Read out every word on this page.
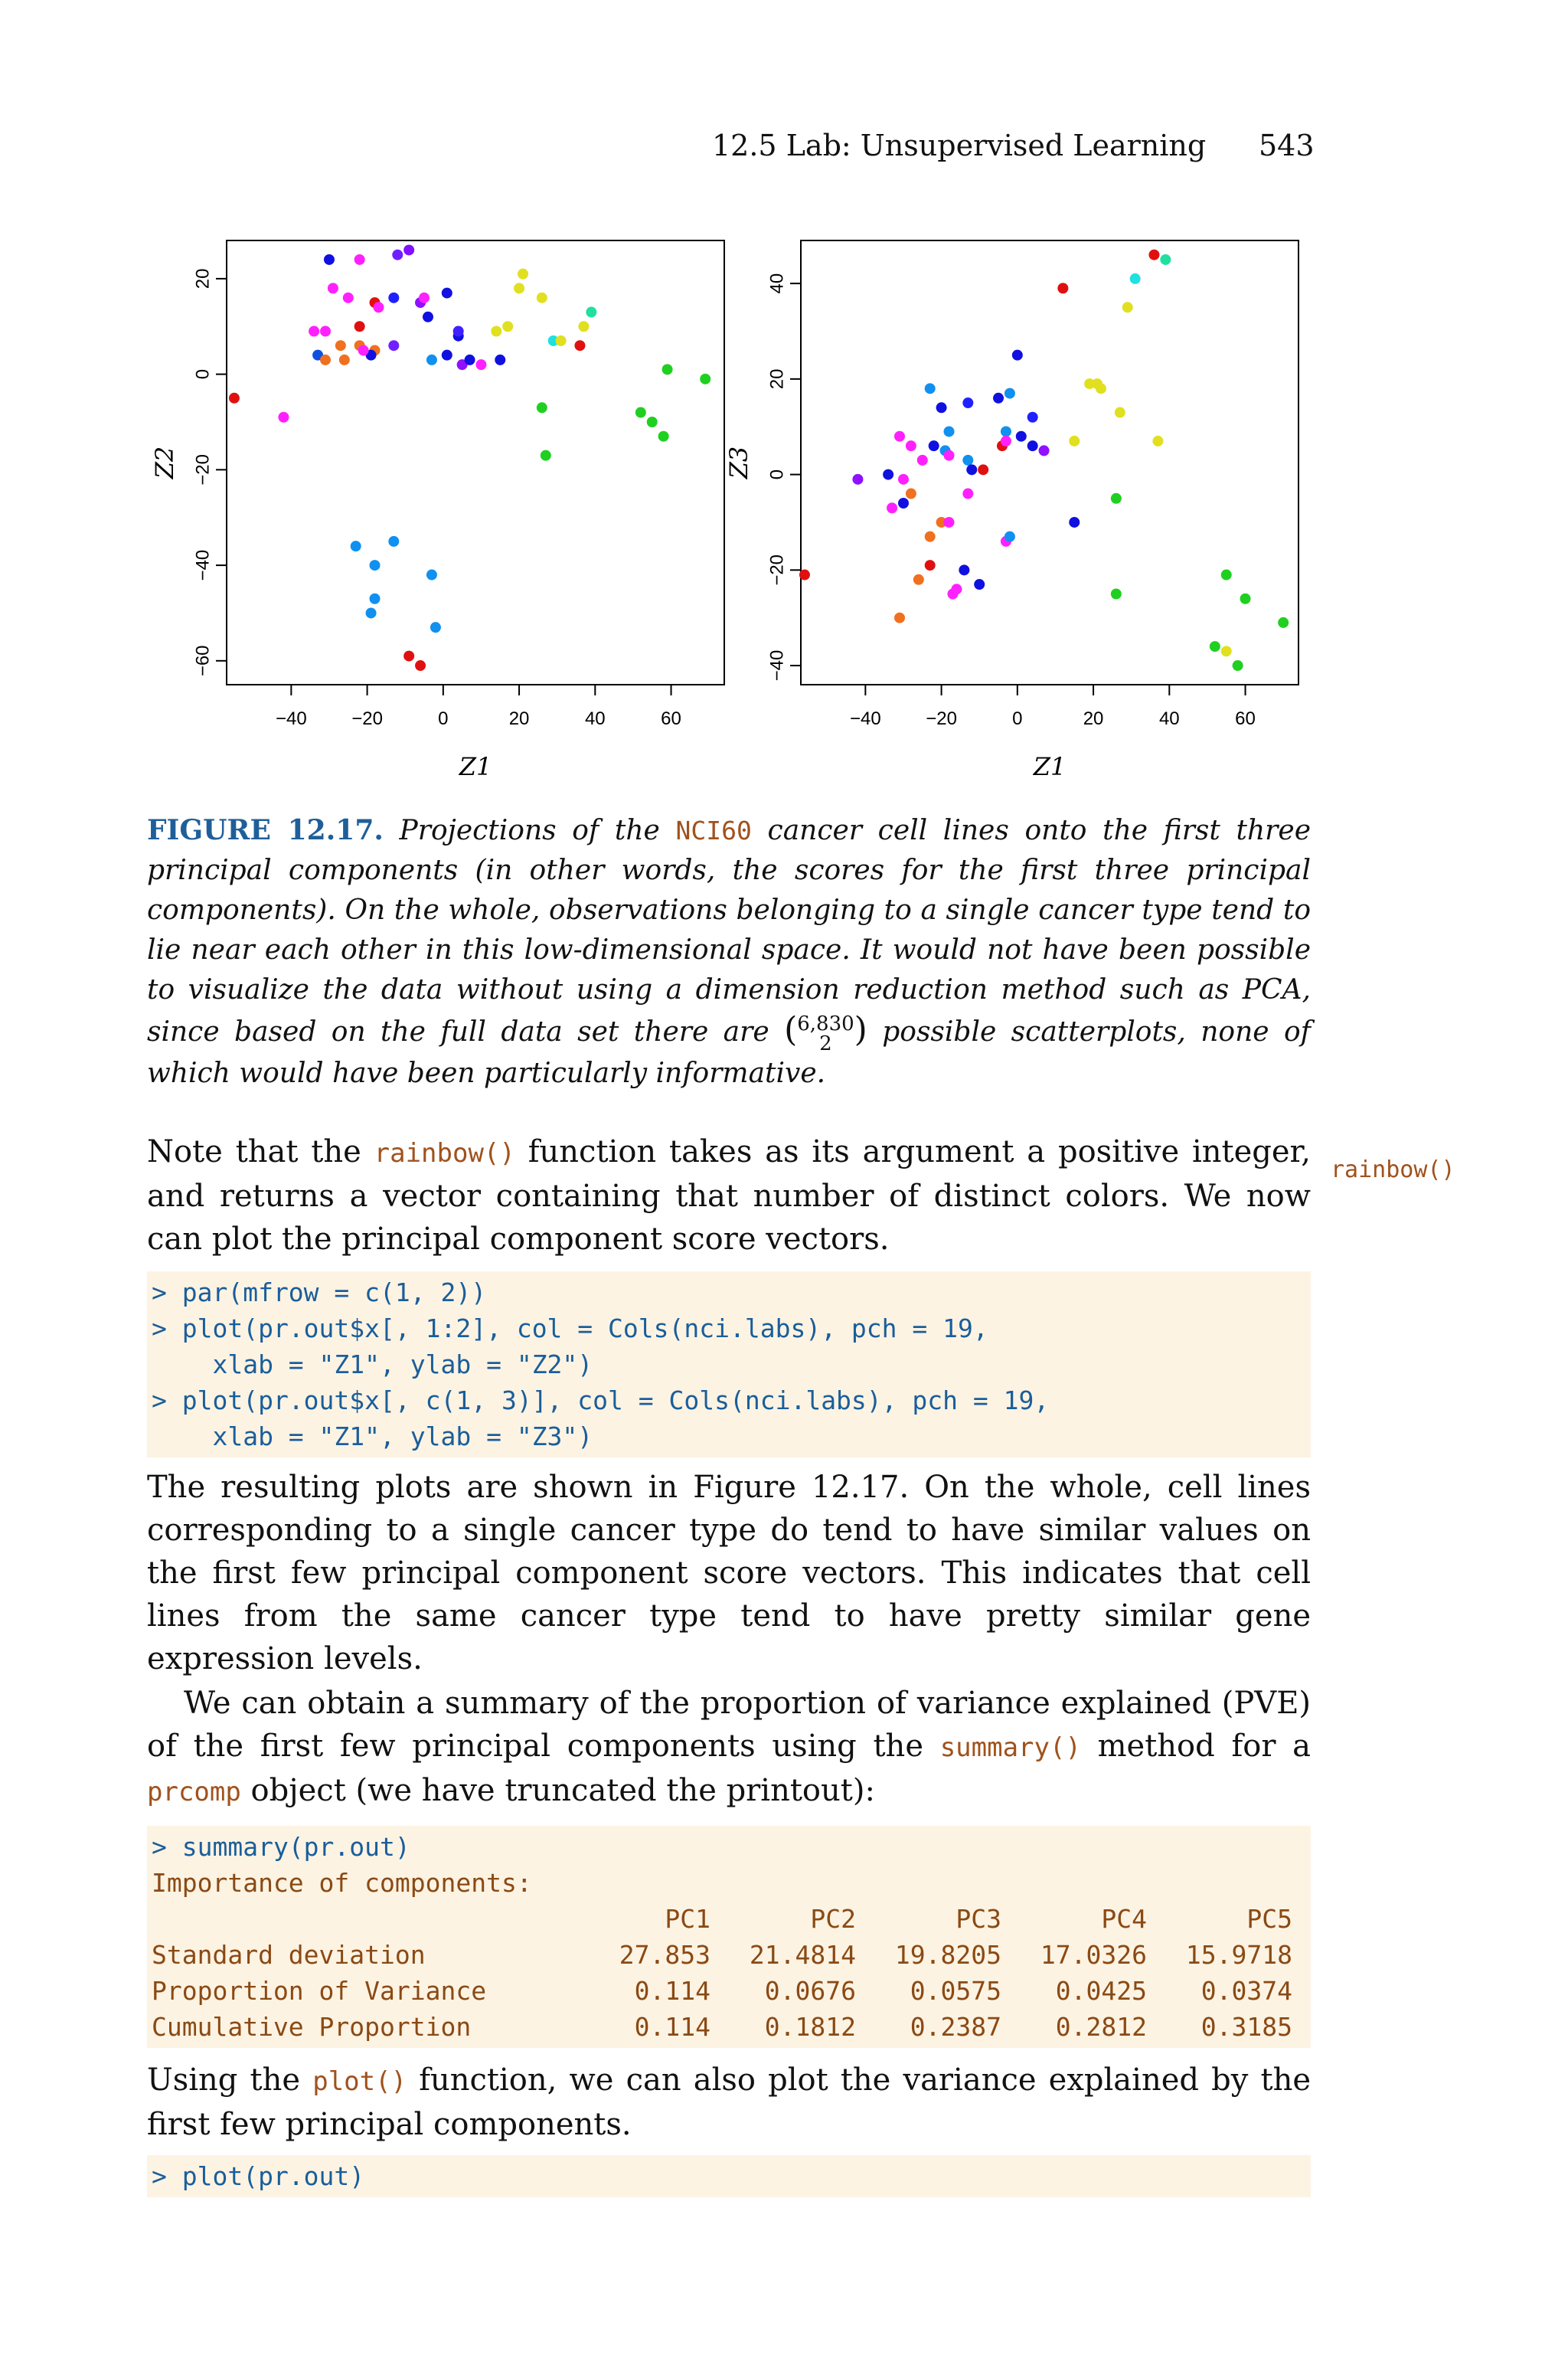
12.5 Lab: Unsupervised Learning 543
−40 −20	0	20	40	60
−60
−40
−20
0
20
Z1
Z2
−40 −20	0	20	40	60
−40
−20
0
20
40
Z1
Z3
FIGURE 12.17. Projections of the NCI60 cancer cell lines onto the first three principal components (in other words, the scores for the first three principal components). On the whole, observations belonging to a single cancer type tend to lie near each other in this low-dimensional space. It would not have been possible to visualize the data without using a dimension reduction method such as PCA, since based on the full data set there are ( 6,830
2 ) possible scatterplots, none of which would have been particularly informative.
Note that the rainbow() function takes as its argument a positive integer, and returns a vector containing that number of distinct colors. We now can plot the principal component score vectors.
rainbow()
> par(mfrow = c(1, 2))
> plot(pr.out$x[, 1:2], col = Cols(nci.labs), pch = 19,
xlab = "Z1", ylab = "Z2")
> plot(pr.out$x[, c(1, 3)], col = Cols(nci.labs), pch = 19,
xlab = "Z1", ylab = "Z3")
The resulting plots are shown in Figure 12.17. On the whole, cell lines corresponding to a single cancer type do tend to have similar values on the first few principal component score vectors. This indicates that cell lines from the same cancer type tend to have pretty similar gene expression levels.
We can obtain a summary of the proportion of variance explained (PVE) of the first few principal components using the summary() method for a prcomp object (we have truncated the printout):
> summary(pr.out)
Importance of components:
	PC1	PC2	PC3	PC4	PC5
Standard deviation	27.853	21.4814	19.8205	17.0326	15.9718
Proportion of Variance	0.114	0.0676	0.0575	0.0425	0.0374
Cumulative Proportion	0.114	0.1812	0.2387	0.2812	0.3185
Using the plot() function, we can also plot the variance explained by the first few principal components.
> plot(pr.out)
